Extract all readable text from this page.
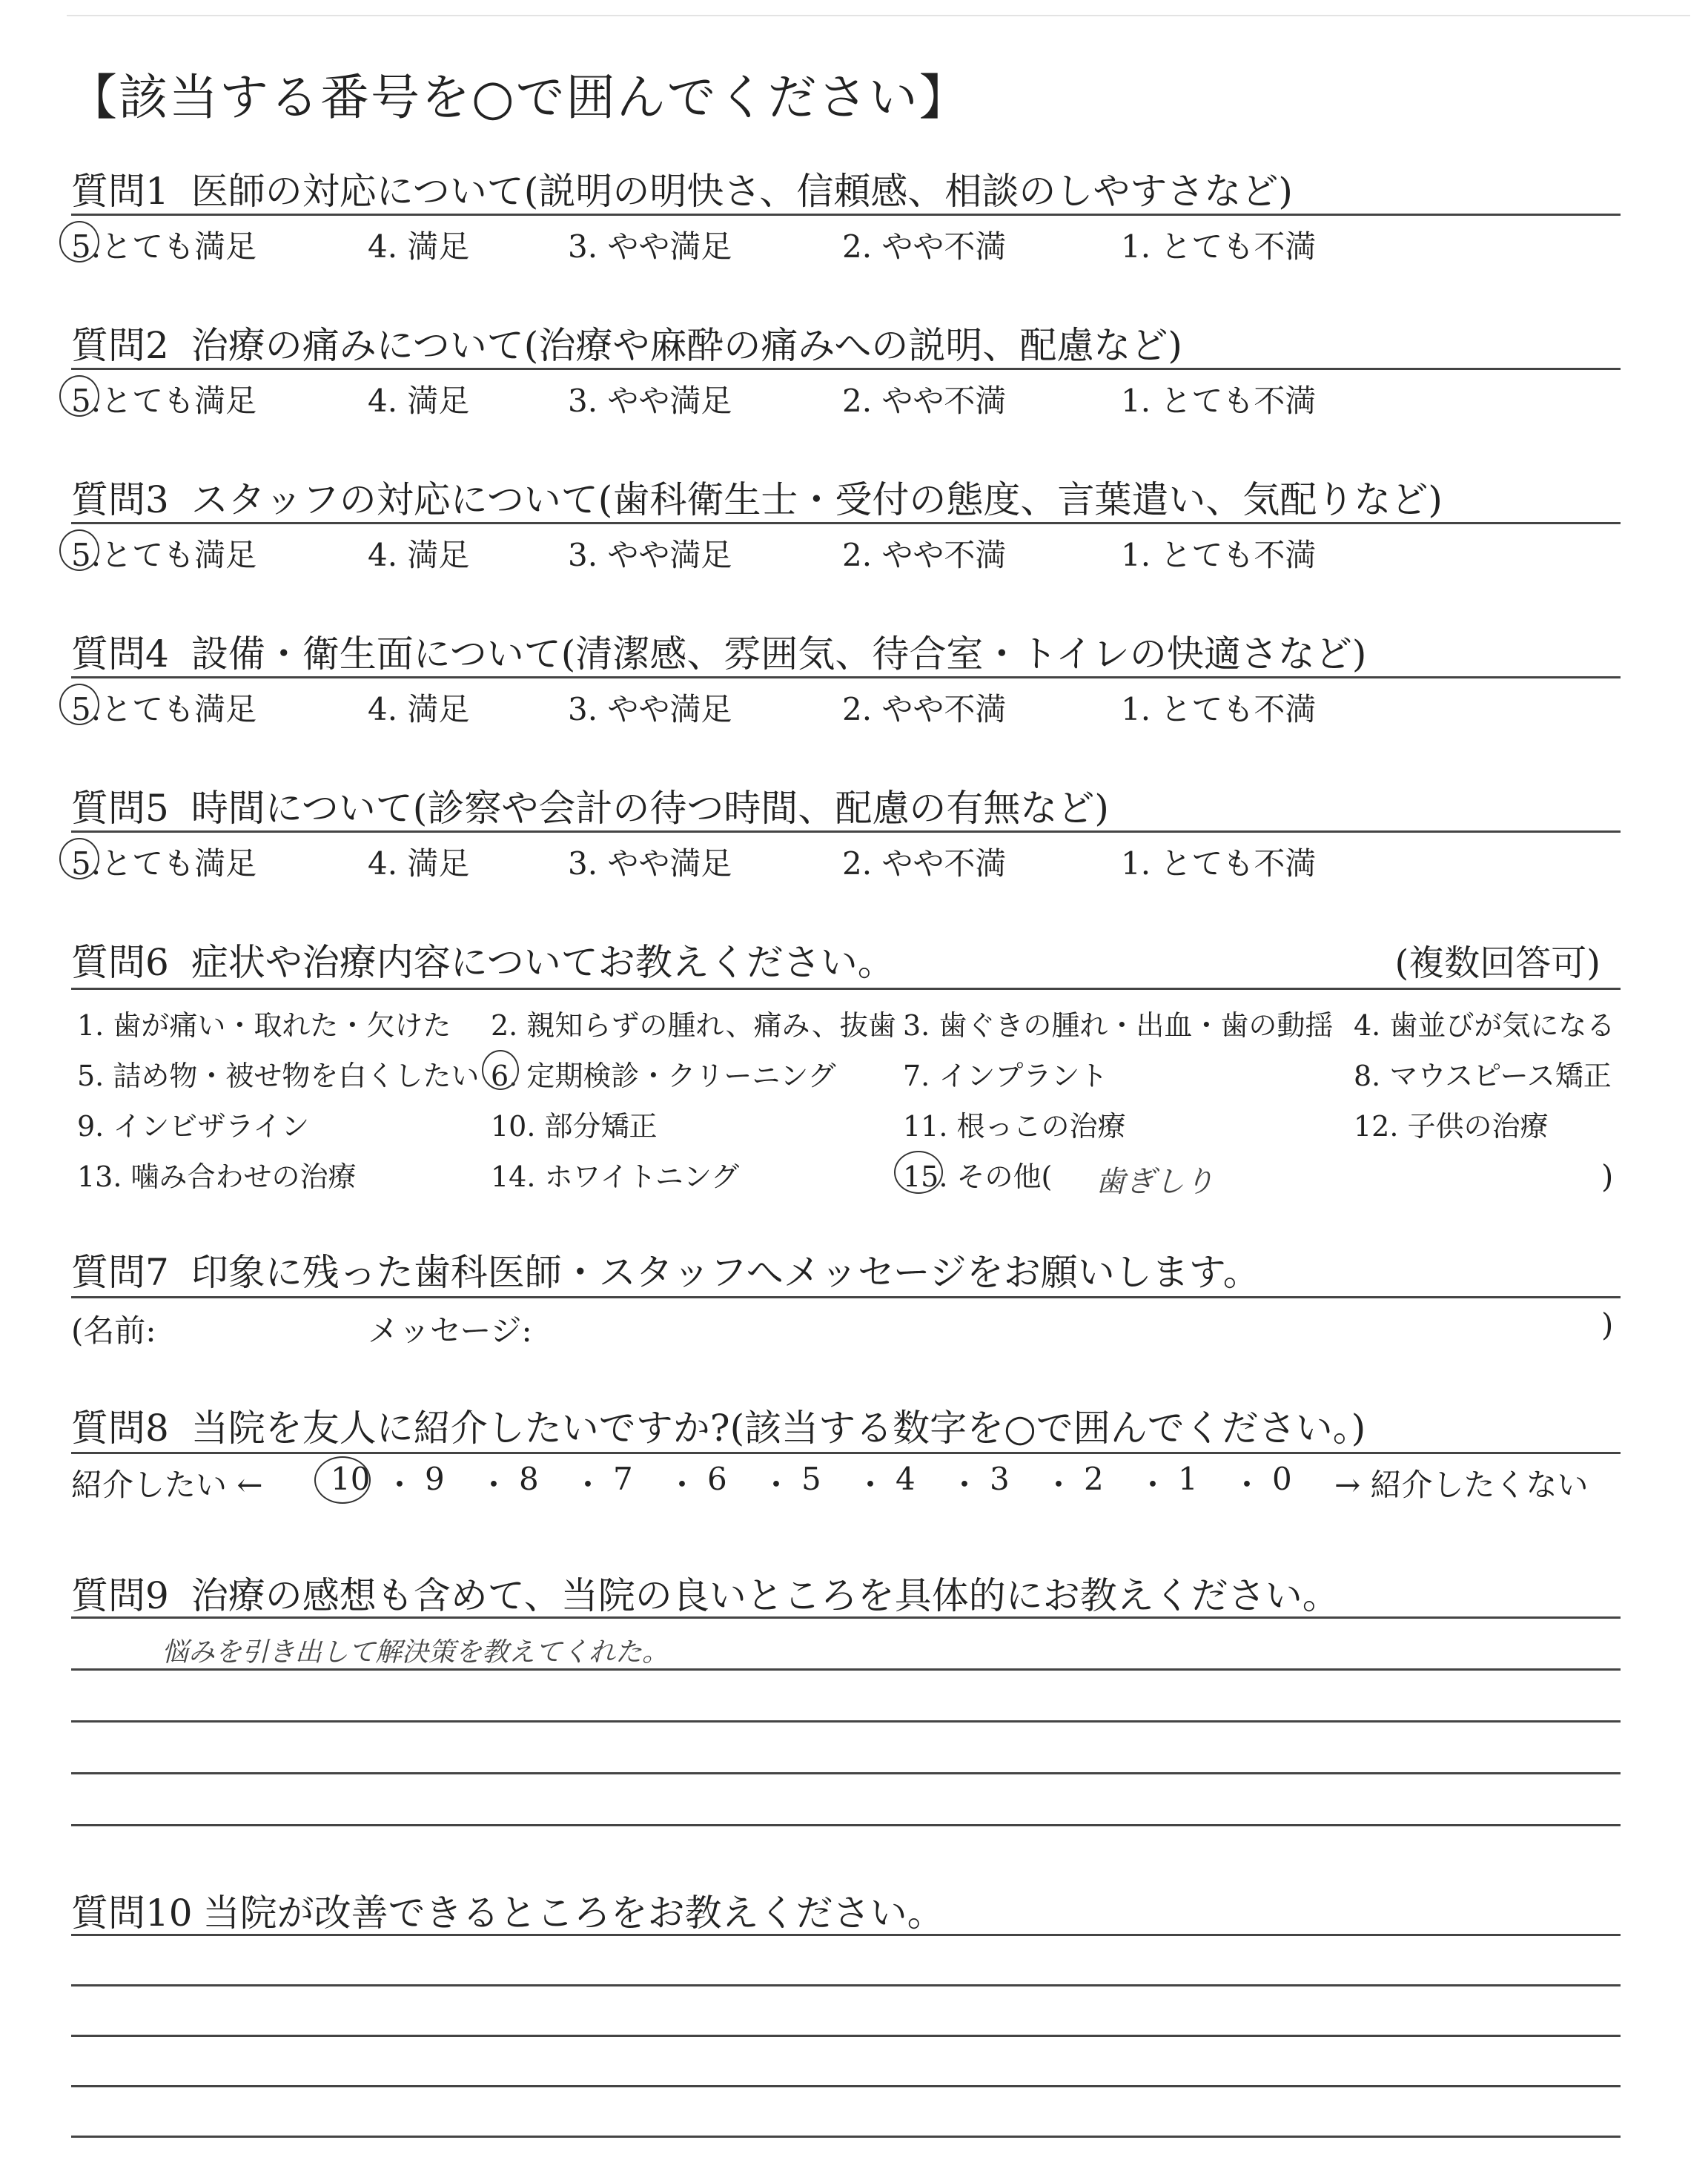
【該当する番号を○で囲んでください】
質問1 医師の対応について(説明の明快さ、信頼感、相談のしやすさなど)
5.とても満足	4. 満足	3. やや満足	2. やや不満	1. とても不満
質問2 治療の痛みについて(治療や麻酔の痛みへの説明、配慮など)
5.とても満足	4. 満足	3. やや満足	2. やや不満	1. とても不満
質問3 スタッフの対応について(歯科衛生士・受付の態度、言葉遣い、気配りなど)
5.とても満足	4. 満足	3. やや満足	2. やや不満	1. とても不満
質問4 設備・衛生面について(清潔感、雰囲気、待合室・トイレの快適さなど)
5.とても満足	4. 満足	3. やや満足	2. やや不満	1. とても不満
質問5 時間について(診察や会計の待つ時間、配慮の有無など)
5.とても満足	4. 満足	3. やや満足	2. やや不満	1. とても不満
質問6 症状や治療内容についてお教えください。	(複数回答可)
1. 歯が痛い・取れた・欠けた 2. 親知らずの腫れ、痛み、抜歯 3. 歯ぐきの腫れ・出血・歯の動揺 4. 歯並びが気になる
5. 詰め物・被せ物を白くしたい 6. 定期検診・クリーニング 7. インプラント	8. マウスピース矯正
9. インビザライン	10. 部分矯正	11. 根っこの治療	12. 子供の治療
13. 噛み合わせの治療	14. ホワイトニング	15. その他( 歯ぎしり	)
質問7 印象に残った歯科医師・スタッフへメッセージをお願いします。
(名前:	メッセージ:	)
質問8 当院を友人に紹介したいですか?(該当する数字を○で囲んでください。)
紹介したい ←	→ 紹介したくない
10 ・ 9 ・ 8 ・ 7 ・ 6 ・ 5 ・ 4 ・ 3 ・ 2 ・ 1 ・ 0
質問9 治療の感想も含めて、当院の良いところを具体的にお教えください。
悩みを引き出して解決策を教えてくれた。
質問10 当院が改善できるところをお教えください。
